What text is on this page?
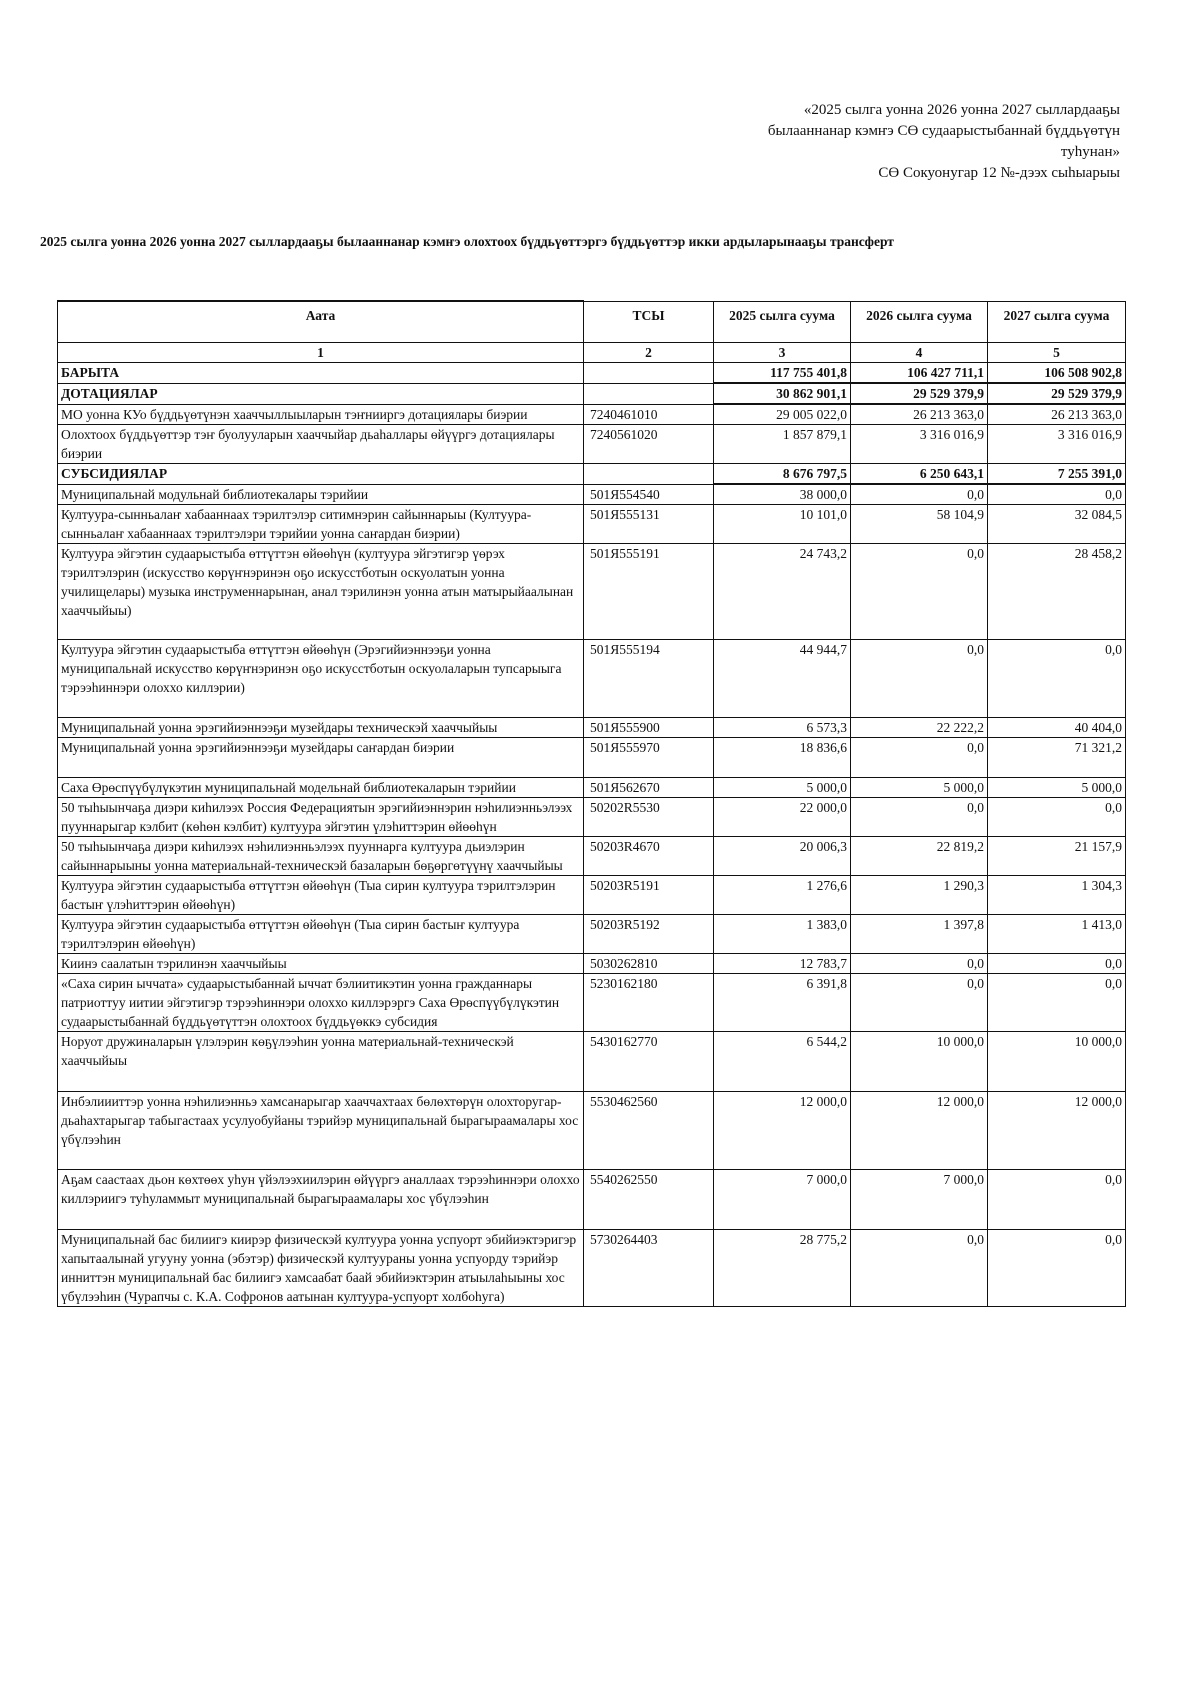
«2025 сылга уонна 2026 уонна 2027 сыллардааҕы
былааннанар кэмҥэ СӨ судаарыстыбаннай бүддьүөтүн
туһунан»
СӨ Сокуонугар 12 №-дээх сыһыарыы
2025 сылга уонна 2026 уонна 2027 сыллардааҕы былааннанар кэмҥэ олохтоох бүддьүөттэргэ бүддьүөттэр икки ардыларынааҕы трансферт
Аата	ТСЫ	2025 сылга суума	2026 сылга суума	2027 сылга суума
1	2	3	4	5
БАРЫТА		117 755 401,8	106 427 711,1	106 508 902,8
ДОТАЦИЯЛАР		30 862 901,1	29 529 379,9	29 529 379,9
МО уонна КУо бүддьүөтүнэн хааччыллыыларын тэҥнииргэ дотациялары биэрии	7240461010	29 005 022,0	26 213 363,0	26 213 363,0
Олохтоох бүддьүөттэр тэҥ буолууларын хааччыйар дьаһаллары өйүүргэ дотациялары биэрии	7240561020	1 857 879,1	3 316 016,9	3 316 016,9
СУБСИДИЯЛАР		8 676 797,5	6 250 643,1	7 255 391,0
Муниципальнай модульнай библиотекалары тэрийии	501Я554540	38 000,0	0,0	0,0
Култуура-сынньалаҥ хабааннаах тэрилтэлэр ситимнэрин сайыннарыы (Култуура-сынньалаҥ хабааннаах тэрилтэлэри тэрийии уонна саҥардан биэрии)	501Я555131	10 101,0	58 104,9	32 084,5
Култуура эйгэтин судаарыстыба өттүттэн өйөөһүн (култуура эйгэтигэр үөрэх тэрилтэлэрин (искусство көрүҥнэринэн оҕо искусстботын оскуолатын уонна училищелары) музыка инструменнарынан, анал тэрилинэн уонна атын матырыйаалынан хааччыйыы)	501Я555191	24 743,2	0,0	28 458,2
Култуура эйгэтин судаарыстыба өттүттэн өйөөһүн (Эрэгийиэннээҕи уонна муниципальнай искусство көрүҥнэринэн оҕо искусстботын оскуолаларын тупсарыыга тэрээһиннэри олоххо киллэрии)	501Я555194	44 944,7	0,0	0,0
Муниципальнай уонна эрэгийиэннээҕи музейдары техническэй хааччыйыы	501Я555900	6 573,3	22 222,2	40 404,0
Муниципальнай уонна эрэгийиэннээҕи музейдары саҥардан биэрии	501Я555970	18 836,6	0,0	71 321,2
Саха Өрөспүүбүлүкэтин муниципальнай модельнай библиотекаларын тэрийии	501Я562670	5 000,0	5 000,0	5 000,0
50 тыһыынчаҕа диэри киһилээх Россия Федерациятын эрэгийиэннэрин нэһилиэнньэлээх пууннарыгар кэлбит (көһөн кэлбит) култуура эйгэтин үлэһиттэрин өйөөһүн	50202R5530	22 000,0	0,0	0,0
50 тыһыынчаҕа диэри киһилээх нэһилиэнньэлээх пууннарга култуура дьиэлэрин сайыннарыыны уонна материальнай-техническэй базаларын бөҕөргөтүүнү хааччыйыы	50203R4670	20 006,3	22 819,2	21 157,9
Култуура эйгэтин судаарыстыба өттүттэн өйөөһүн (Тыа сирин култуура тэрилтэлэрин бастыҥ үлэһиттэрин өйөөһүн)	50203R5191	1 276,6	1 290,3	1 304,3
Култуура эйгэтин судаарыстыба өттүттэн өйөөһүн (Тыа сирин бастыҥ култуура тэрилтэлэрин өйөөһүн)	50203R5192	1 383,0	1 397,8	1 413,0
Киинэ саалатын тэрилинэн хааччыйыы	5030262810	12 783,7	0,0	0,0
«Саха сирин ыччата» судаарыстыбаннай ыччат бэлиитикэтин уонна гражданнары патриоттуу иитии эйгэтигэр тэрээһиннэри олоххо киллэрэргэ Саха Өрөспүүбүлүкэтин судаарыстыбаннай бүддьүөтүттэн олохтоох бүддьүөккэ субсидия	5230162180	6 391,8	0,0	0,0
Норуот дружиналарын үлэлэрин көҕүлээһин уонна материальнай-техническэй хааччыйыы	5430162770	6 544,2	10 000,0	10 000,0
Инбэлиииттэр уонна нэһилиэнньэ хамсанарыгар хааччахтаах бөлөхтөрүн олохторугар-дьаһахтарыгар табыгастаах усулуобуйаны тэрийэр муниципальнай бырагыраамалары хос үбүлээһин	5530462560	12 000,0	12 000,0	12 000,0
Аҕам саастаах дьон көхтөөх уһун үйэлээхиилэрин өйүүргэ аналлаах тэрээһиннэри олоххо киллэриигэ туһуламмыт муниципальнай бырагыраамалары хос үбүлээһин	5540262550	7 000,0	7 000,0	0,0
Муниципальнай бас билиигэ киирэр физическэй култуура уонна успуорт эбийиэктэригэр хапытаалынай угууну уонна (эбэтэр) физическэй култуураны уонна успуорду тэрийэр инниттэн муниципальнай бас билиигэ хамсаабат баай эбийиэктэрин атыылаһыыны хос үбүлээһин (Чурапчы с. К.А. Софронов аатынан култуура-успуорт холбоһуга)	5730264403	28 775,2	0,0	0,0
